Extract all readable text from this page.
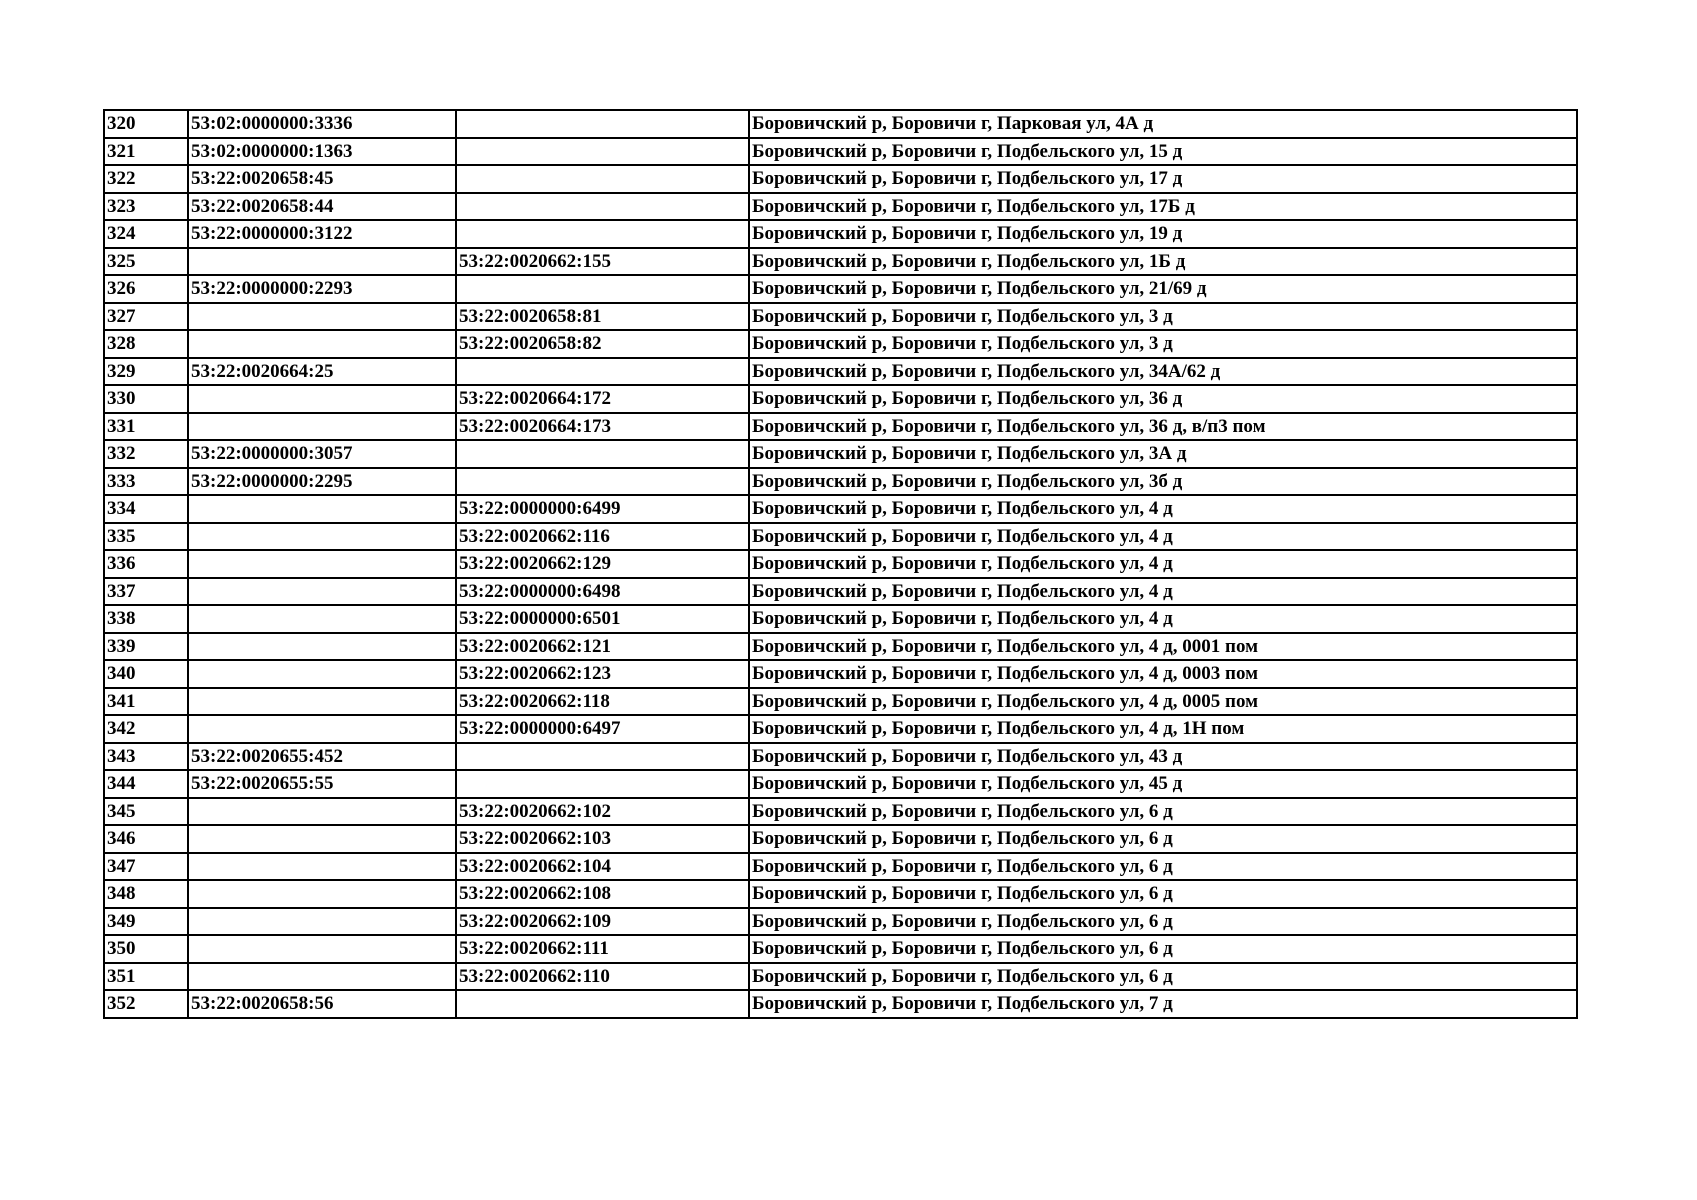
320	53:02:0000000:3336		Боровичский р, Боровичи г, Парковая ул, 4А д
321	53:02:0000000:1363		Боровичский р, Боровичи г, Подбельского ул, 15 д
322	53:22:0020658:45		Боровичский р, Боровичи г, Подбельского ул, 17 д
323	53:22:0020658:44		Боровичский р, Боровичи г, Подбельского ул, 17Б д
324	53:22:0000000:3122		Боровичский р, Боровичи г, Подбельского ул, 19 д
325		53:22:0020662:155	Боровичский р, Боровичи г, Подбельского ул, 1Б д
326	53:22:0000000:2293		Боровичский р, Боровичи г, Подбельского ул, 21/69 д
327		53:22:0020658:81	Боровичский р, Боровичи г, Подбельского ул, 3 д
328		53:22:0020658:82	Боровичский р, Боровичи г, Подбельского ул, 3 д
329	53:22:0020664:25		Боровичский р, Боровичи г, Подбельского ул, 34А/62 д
330		53:22:0020664:172	Боровичский р, Боровичи г, Подбельского ул, 36 д
331		53:22:0020664:173	Боровичский р, Боровичи г, Подбельского ул, 36 д, в/п3 пом
332	53:22:0000000:3057		Боровичский р, Боровичи г, Подбельского ул, 3А д
333	53:22:0000000:2295		Боровичский р, Боровичи г, Подбельского ул, 3б д
334		53:22:0000000:6499	Боровичский р, Боровичи г, Подбельского ул, 4 д
335		53:22:0020662:116	Боровичский р, Боровичи г, Подбельского ул, 4 д
336		53:22:0020662:129	Боровичский р, Боровичи г, Подбельского ул, 4 д
337		53:22:0000000:6498	Боровичский р, Боровичи г, Подбельского ул, 4 д
338		53:22:0000000:6501	Боровичский р, Боровичи г, Подбельского ул, 4 д
339		53:22:0020662:121	Боровичский р, Боровичи г, Подбельского ул, 4 д, 0001 пом
340		53:22:0020662:123	Боровичский р, Боровичи г, Подбельского ул, 4 д, 0003 пом
341		53:22:0020662:118	Боровичский р, Боровичи г, Подбельского ул, 4 д, 0005 пом
342		53:22:0000000:6497	Боровичский р, Боровичи г, Подбельского ул, 4 д, 1Н пом
343	53:22:0020655:452		Боровичский р, Боровичи г, Подбельского ул, 43 д
344	53:22:0020655:55		Боровичский р, Боровичи г, Подбельского ул, 45 д
345		53:22:0020662:102	Боровичский р, Боровичи г, Подбельского ул, 6 д
346		53:22:0020662:103	Боровичский р, Боровичи г, Подбельского ул, 6 д
347		53:22:0020662:104	Боровичский р, Боровичи г, Подбельского ул, 6 д
348		53:22:0020662:108	Боровичский р, Боровичи г, Подбельского ул, 6 д
349		53:22:0020662:109	Боровичский р, Боровичи г, Подбельского ул, 6 д
350		53:22:0020662:111	Боровичский р, Боровичи г, Подбельского ул, 6 д
351		53:22:0020662:110	Боровичский р, Боровичи г, Подбельского ул, 6 д
352	53:22:0020658:56		Боровичский р, Боровичи г, Подбельского ул, 7 д
